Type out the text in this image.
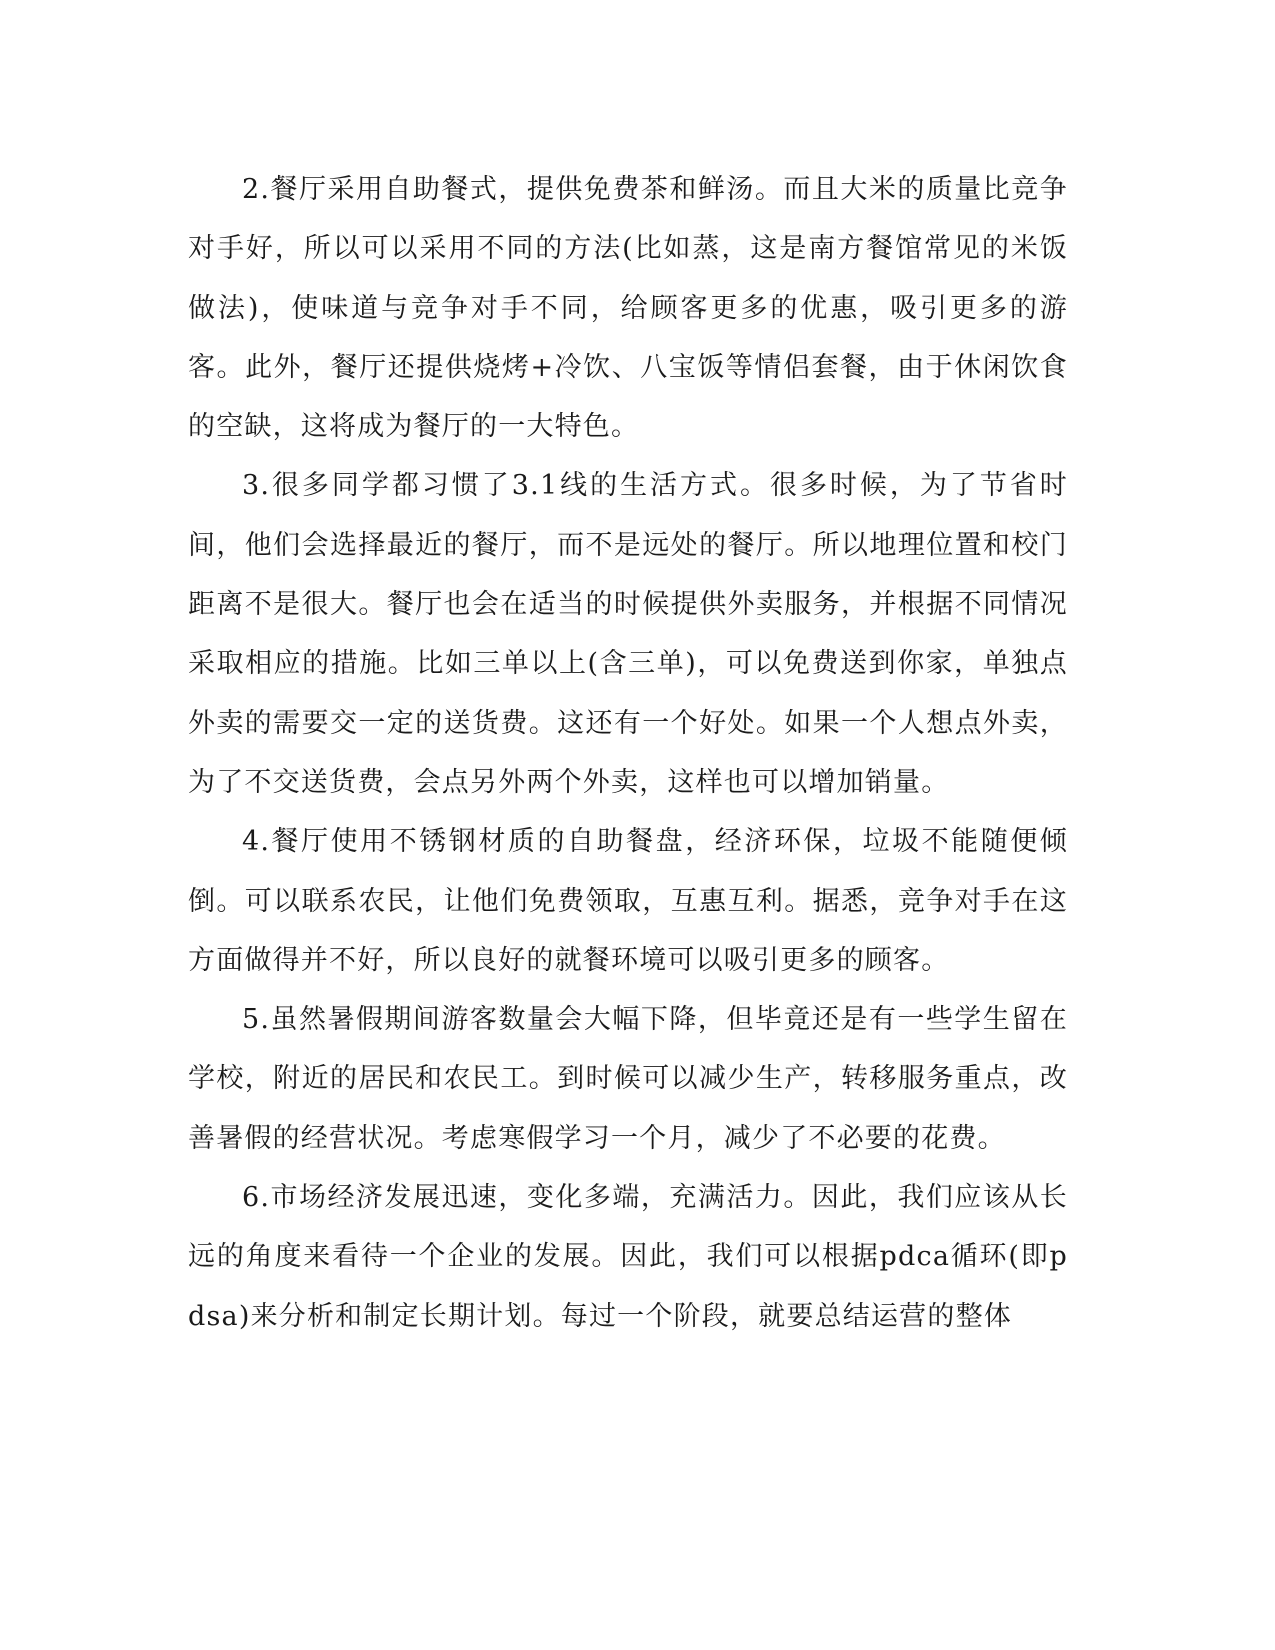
2.餐厅采用自助餐式，提供免费茶和鲜汤。而且大米的质量比竞争对手好，所以可以采用不同的方法(比如蒸，这是南方餐馆常见的米饭做法)，使味道与竞争对手不同，给顾客更多的优惠，吸引更多的游客。此外，餐厅还提供烧烤+冷饮、八宝饭等情侣套餐，由于休闲饮食的空缺，这将成为餐厅的一大特色。

3.很多同学都习惯了3.1线的生活方式。很多时候，为了节省时间，他们会选择最近的餐厅，而不是远处的餐厅。所以地理位置和校门距离不是很大。餐厅也会在适当的时候提供外卖服务，并根据不同情况采取相应的措施。比如三单以上(含三单)，可以免费送到你家，单独点外卖的需要交一定的送货费。这还有一个好处。如果一个人想点外卖，为了不交送货费，会点另外两个外卖，这样也可以增加销量。

4.餐厅使用不锈钢材质的自助餐盘，经济环保，垃圾不能随便倾倒。可以联系农民，让他们免费领取，互惠互利。据悉，竞争对手在这方面做得并不好，所以良好的就餐环境可以吸引更多的顾客。

5.虽然暑假期间游客数量会大幅下降，但毕竟还是有一些学生留在学校，附近的居民和农民工。到时候可以减少生产，转移服务重点，改善暑假的经营状况。考虑寒假学习一个月，减少了不必要的花费。

6.市场经济发展迅速，变化多端，充满活力。因此，我们应该从长远的角度来看待一个企业的发展。因此，我们可以根据pdca循环(即pdsa)来分析和制定长期计划。每过一个阶段，就要总结运营的整体
